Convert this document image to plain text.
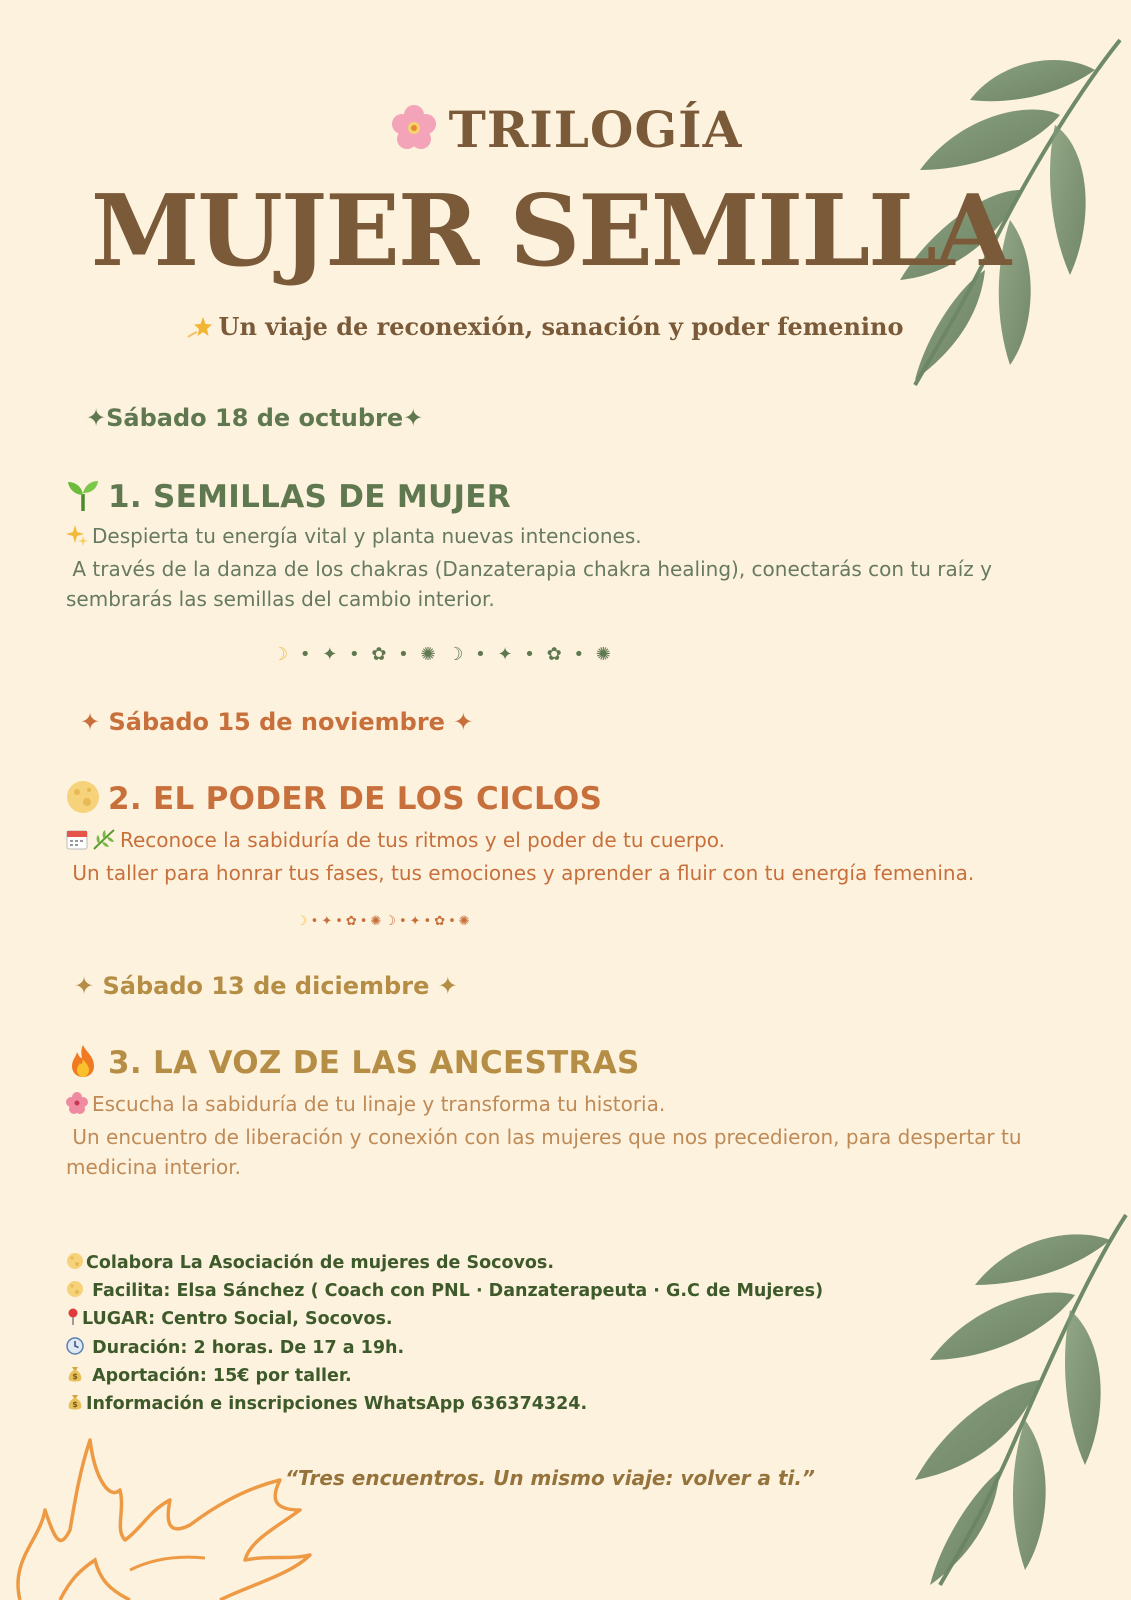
TRILOGÍA
MUJER SEMILLA
Un viaje de reconexión, sanación y poder femenino
✦Sábado 18 de octubre✦
1. SEMILLAS DE MUJER

Despierta tu energía vital y planta nuevas intenciones.

A través de la danza de los chakras (Danzaterapia chakra healing), conectarás con tu raíz y sembrarás las semillas del cambio interior.

☽ • ✦ • ✿ • ✺ ☽ • ✦ • ✿ • ✺
✦ Sábado 15 de noviembre ✦
2. EL PODER DE LOS CICLOS

Reconoce la sabiduría de tus ritmos y el poder de tu cuerpo.

Un taller para honrar tus fases, tus emociones y aprender a fluir con tu energía femenina.

☽•✦•✿•✺☽•✦•✿•✺
✦ Sábado 13 de diciembre ✦
3. LA VOZ DE LAS ANCESTRAS

Escucha la sabiduría de tu linaje y transforma tu historia.

Un encuentro de liberación y conexión con las mujeres que nos precedieron, para despertar tu medicina interior.

Colabora La Asociación de mujeres de Socovos.
Facilita: Elsa Sánchez ( Coach con PNL · Danzaterapeuta · G.C de Mujeres)
LUGAR: Centro Social, Socovos.
Duración: 2 horas. De 17 a 19h.
$ Aportación: 15€ por taller.
$ Información e inscripciones WhatsApp 636374324.
“Tres encuentros. Un mismo viaje: volver a ti.”
